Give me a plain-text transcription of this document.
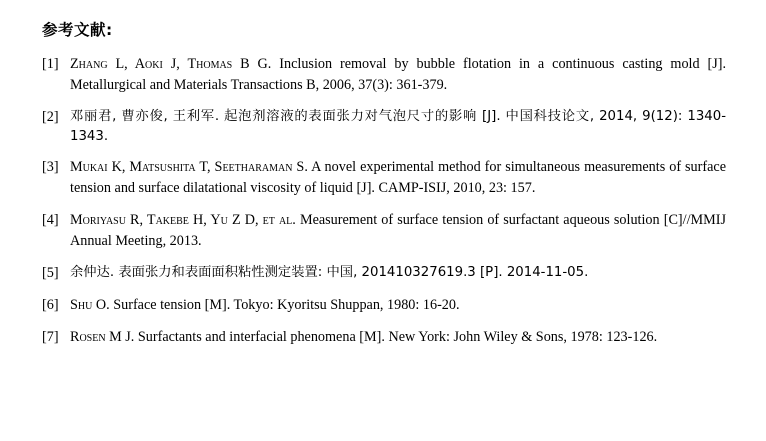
参考文献:
[1] Zhang L, Aoki J, Thomas B G. Inclusion removal by bubble flotation in a continuous casting mold [J]. Metallurgical and Materials Transactions B, 2006, 37(3): 361-379.
[2] 邓丽君, 曹亦俊, 王利军. 起泡剂溶液的表面张力对气泡尺寸的影响 [J]. 中国科技论文, 2014, 9(12): 1340-1343.
[3] Mukai K, Matsushita T, Seetharaman S. A novel experimental method for simultaneous measurements of surface tension and surface dilatational viscosity of liquid [J]. CAMP-ISIJ, 2010, 23: 157.
[4] Moriyasu R, Takebe H, Yu Z D, et al. Measurement of surface tension of surfactant aqueous solution [C]//MMIJ Annual Meeting, 2013.
[5] 余仲达. 表面张力和表面面积粘性测定装置: 中国, 201410327619.3 [P]. 2014-11-05.
[6] Shu O. Surface tension [M]. Tokyo: Kyoritsu Shuppan, 1980: 16-20.
[7] Rosen M J. Surfactants and interfacial phenomena [M]. New York: John Wiley & Sons, 1978: 123-126.
